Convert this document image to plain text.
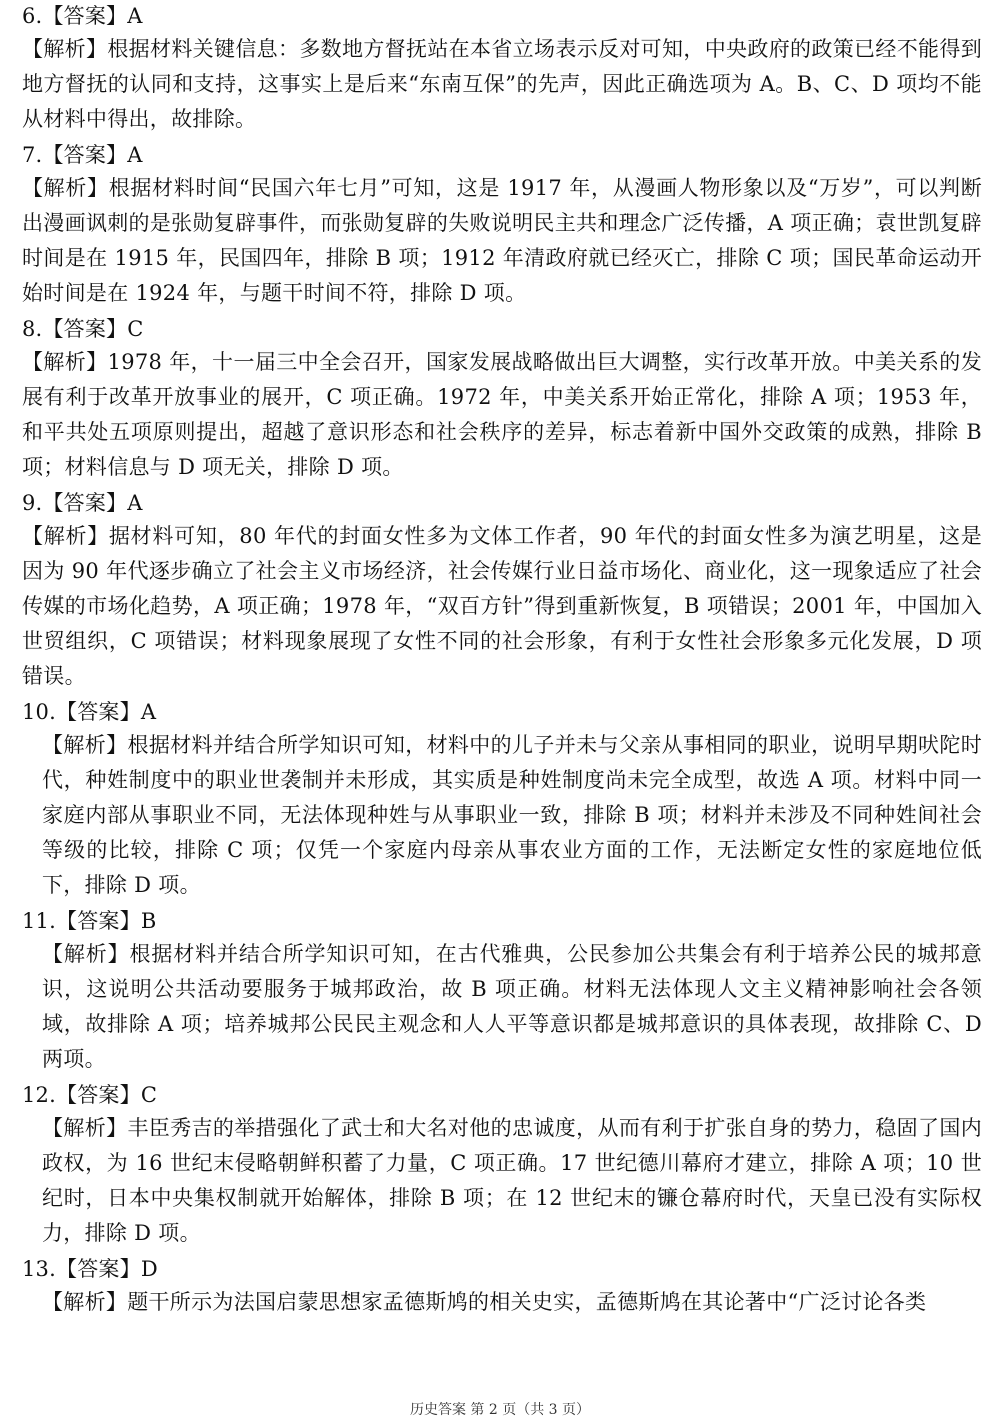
6.【答案】A
【解析】根据材料关键信息：多数地方督抚站在本省立场表示反对可知，中央政府的政策已经不能得到地方督抚的认同和支持，这事实上是后来“东南互保”的先声，因此正确选项为 A。B、C、D 项均不能从材料中得出，故排除。
7.【答案】A
【解析】根据材料时间“民国六年七月”可知，这是 1917 年，从漫画人物形象以及“万岁”，可以判断出漫画讽刺的是张勋复辟事件，而张勋复辟的失败说明民主共和理念广泛传播，A 项正确；袁世凯复辟时间是在 1915 年，民国四年，排除 B 项；1912 年清政府就已经灭亡，排除 C 项；国民革命运动开始时间是在 1924 年，与题干时间不符，排除 D 项。
8.【答案】C
【解析】1978 年，十一届三中全会召开，国家发展战略做出巨大调整，实行改革开放。中美关系的发展有利于改革开放事业的展开，C 项正确。1972 年，中美关系开始正常化，排除 A 项；1953 年，和平共处五项原则提出，超越了意识形态和社会秩序的差异，标志着新中国外交政策的成熟，排除 B 项；材料信息与 D 项无关，排除 D 项。
9.【答案】A
【解析】据材料可知，80 年代的封面女性多为文体工作者，90 年代的封面女性多为演艺明星，这是因为 90 年代逐步确立了社会主义市场经济，社会传媒行业日益市场化、商业化，这一现象适应了社会传媒的市场化趋势，A 项正确；1978 年，“双百方针”得到重新恢复，B 项错误；2001 年，中国加入世贸组织，C 项错误；材料现象展现了女性不同的社会形象，有利于女性社会形象多元化发展，D 项错误。
10.【答案】A
【解析】根据材料并结合所学知识可知，材料中的儿子并未与父亲从事相同的职业，说明早期吠陀时代，种姓制度中的职业世袭制并未形成，其实质是种姓制度尚未完全成型，故选 A 项。材料中同一家庭内部从事职业不同，无法体现种姓与从事职业一致，排除 B 项；材料并未涉及不同种姓间社会等级的比较，排除 C 项；仅凭一个家庭内母亲从事农业方面的工作，无法断定女性的家庭地位低下，排除 D 项。
11.【答案】B
【解析】根据材料并结合所学知识可知，在古代雅典，公民参加公共集会有利于培养公民的城邦意识，这说明公共活动要服务于城邦政治，故 B 项正确。材料无法体现人文主义精神影响社会各领域，故排除 A 项；培养城邦公民民主观念和人人平等意识都是城邦意识的具体表现，故排除 C、D 两项。
12.【答案】C
【解析】丰臣秀吉的举措强化了武士和大名对他的忠诚度，从而有利于扩张自身的势力，稳固了国内政权，为 16 世纪末侵略朝鲜积蓄了力量，C 项正确。17 世纪德川幕府才建立，排除 A 项；10 世纪时，日本中央集权制就开始解体，排除 B 项；在 12 世纪末的镰仓幕府时代，天皇已没有实际权力，排除 D 项。
13.【答案】D
【解析】题干所示为法国启蒙思想家孟德斯鸠的相关史实，孟德斯鸠在其论著中“广泛讨论各类
历史答案 第 2 页（共 3 页）
